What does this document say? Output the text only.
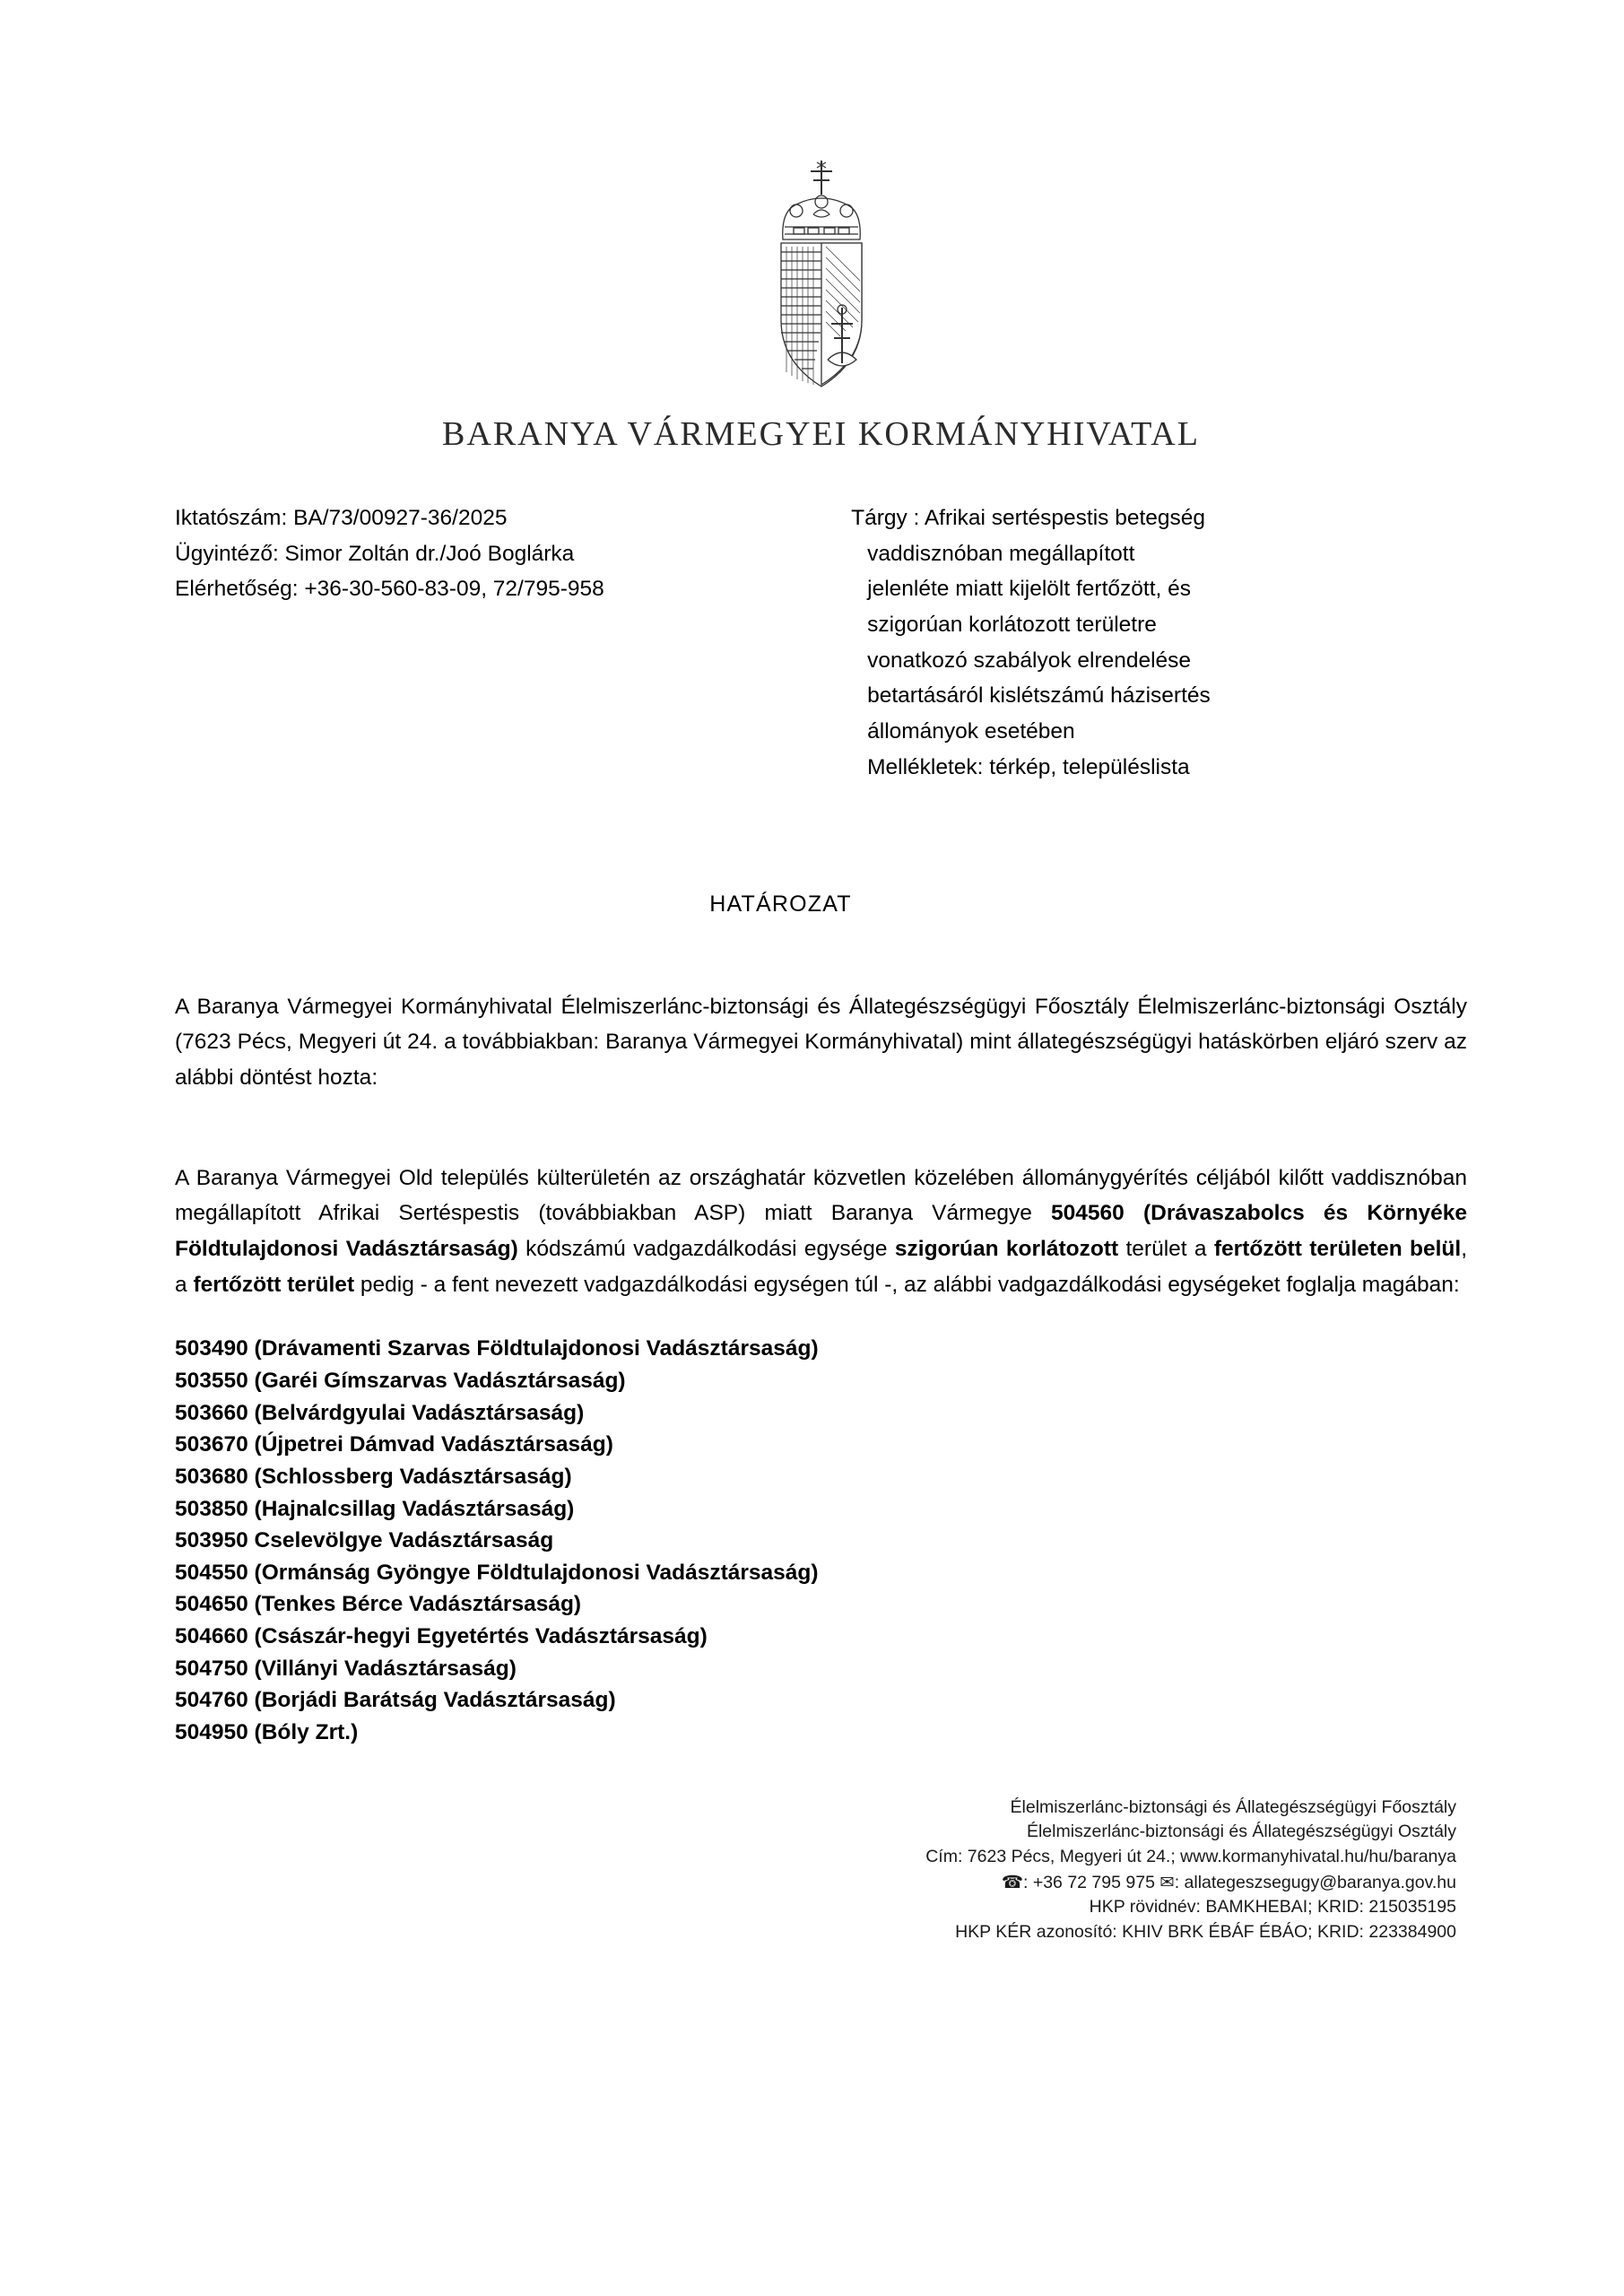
BARANYA VÁRMEGYEI KORMÁNYHIVATAL
Iktatószám: BA/73/00927-36/2025
Ügyintéző: Simor Zoltán dr./Joó Boglárka
Elérhetőség: +36-30-560-83-09, 72/795-958
Tárgy : Afrikai sertéspestis betegség
vaddisznóban megállapított
jelenléte miatt kijelölt fertőzött, és
szigorúan korlátozott területre
vonatkozó szabályok elrendelése
betartásáról kislétszámú házisertés
állományok esetében
Mellékletek: térkép, településlista
HATÁROZAT

A Baranya Vármegyei Kormányhivatal Élelmiszerlánc-biztonsági és Állategészségügyi Főosztály Élelmiszerlánc-biztonsági Osztály (7623 Pécs, Megyeri út 24. a továbbiakban: Baranya Vármegyei Kormányhivatal) mint állategészségügyi hatáskörben eljáró szerv az alábbi döntést hozta:

A Baranya Vármegyei Old település külterületén az országhatár közvetlen közelében állománygyérítés céljából kilőtt vaddisznóban megállapított Afrikai Sertéspestis (továbbiakban ASP) miatt Baranya Vármegye 504560 (Drávaszabolcs és Környéke Földtulajdonosi Vadásztársaság) kódszámú vadgazdálkodási egysége szigorúan korlátozott terület a fertőzött területen belül, a fertőzött terület pedig - a fent nevezett vadgazdálkodási egységen túl -, az alábbi vadgazdálkodási egységeket foglalja magában:

503490 (Drávamenti Szarvas Földtulajdonosi Vadásztársaság)
503550 (Garéi Gímszarvas Vadásztársaság)
503660 (Belvárdgyulai Vadásztársaság)
503670 (Újpetrei Dámvad Vadásztársaság)
503680 (Schlossberg Vadásztársaság)
503850 (Hajnalcsillag Vadásztársaság)
503950 Cselevölgye Vadásztársaság
504550 (Ormánság Gyöngye Földtulajdonosi Vadásztársaság)
504650 (Tenkes Bérce Vadásztársaság)
504660 (Császár-hegyi Egyetértés Vadásztársaság)
504750 (Villányi Vadásztársaság)
504760 (Borjádi Barátság Vadásztársaság)
504950 (Bóly Zrt.)
Élelmiszerlánc-biztonsági és Állategészségügyi Főosztály
Élelmiszerlánc-biztonsági és Állategészségügyi Osztály
Cím: 7623 Pécs, Megyeri út 24.; www.kormanyhivatal.hu/hu/baranya
☎: +36 72 795 975 ✉: allategeszsegugy@baranya.gov.hu
HKP rövidnév: BAMKHEBAI; KRID: 215035195
HKP KÉR azonosító: KHIV BRK ÉBÁF ÉBÁO; KRID: 223384900
